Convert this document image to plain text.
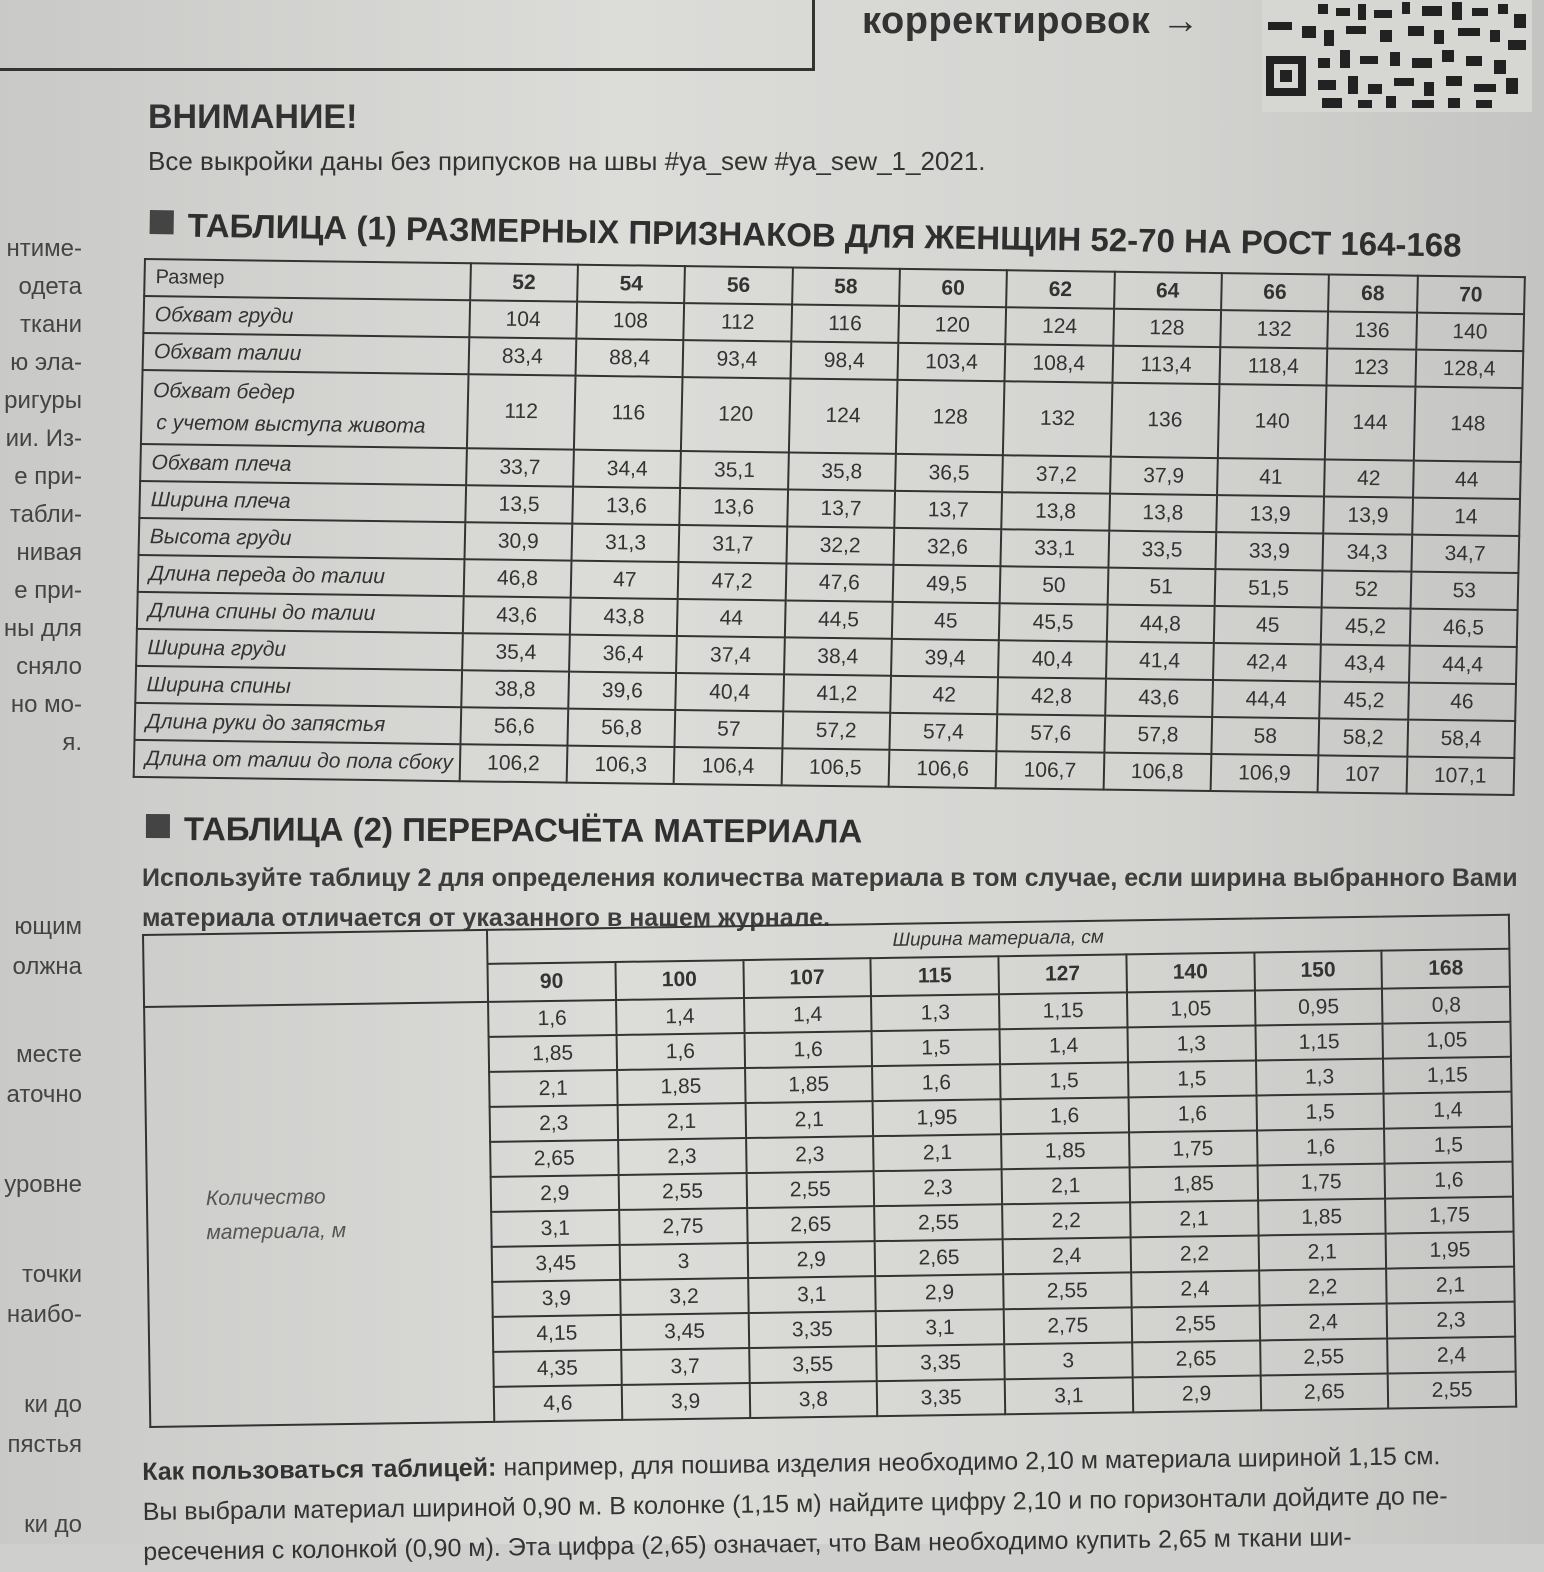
корректировок →
нтиме-
одета
ткани
ю эла-
ригуры
ии. Из-
е при-
табли-
нивая
е при-
ны для
сняло
но мо-
я.
ющим
олжна
месте
аточно
уровне
точки
наибо-
ки до
пястья
ки до
ВНИМАНИЕ!
Все выкройки даны без припусков на швы #ya_sew #ya_sew_1_2021.
ТАБЛИЦА (1) РАЗМЕРНЫХ ПРИЗНАКОВ ДЛЯ ЖЕНЩИН 52-70 НА РОСТ 164-168
Размер	52	54	56	58	60	62	64	66	68	70

Обхват груди	104	108	112	116	120	124	128	132	136	140

Обхват талии	83,4	88,4	93,4	98,4	103,4	108,4	113,4	118,4	123	128,4

Обхват бедер
с учетом выступа живота	112	116	120	124	128	132	136	140	144	148

Обхват плеча	33,7	34,4	35,1	35,8	36,5	37,2	37,9	41	42	44

Ширина плеча	13,5	13,6	13,6	13,7	13,7	13,8	13,8	13,9	13,9	14

Высота груди	30,9	31,3	31,7	32,2	32,6	33,1	33,5	33,9	34,3	34,7

Длина переда до талии	46,8	47	47,2	47,6	49,5	50	51	51,5	52	53

Длина спины до талии	43,6	43,8	44	44,5	45	45,5	44,8	45	45,2	46,5

Ширина груди	35,4	36,4	37,4	38,4	39,4	40,4	41,4	42,4	43,4	44,4

Ширина спины	38,8	39,6	40,4	41,2	42	42,8	43,6	44,4	45,2	46

Длина руки до запястья	56,6	56,8	57	57,2	57,4	57,6	57,8	58	58,2	58,4

Длина от талии до пола сбоку	106,2	106,3	106,4	106,5	106,6	106,7	106,8	106,9	107	107,1
ТАБЛИЦА (2) ПЕРЕРАСЧЁТА МАТЕРИАЛА
Используйте таблицу 2 для определения количества материала в том случае, если ширина выбранного Вами материала отличается от указанного в нашем журнале.
	Ширина материала, см							
	90	100	107	115	127	140	150	168

Количество
материала, м	1,6	1,4	1,4	1,3	1,15	1,05	0,95	0,8
	1,85	1,6	1,6	1,5	1,4	1,3	1,15	1,05
	2,1	1,85	1,85	1,6	1,5	1,5	1,3	1,15
	2,3	2,1	2,1	1,95	1,6	1,6	1,5	1,4
	2,65	2,3	2,3	2,1	1,85	1,75	1,6	1,5
	2,9	2,55	2,55	2,3	2,1	1,85	1,75	1,6
	3,1	2,75	2,65	2,55	2,2	2,1	1,85	1,75
	3,45	3	2,9	2,65	2,4	2,2	2,1	1,95
	3,9	3,2	3,1	2,9	2,55	2,4	2,2	2,1
	4,15	3,45	3,35	3,1	2,75	2,55	2,4	2,3
	4,35	3,7	3,55	3,35	3	2,65	2,55	2,4
	4,6	3,9	3,8	3,35	3,1	2,9	2,65	2,55
Как пользоваться таблицей: например, для пошива изделия необходимо 2,10 м материала шириной 1,15 см.
Вы выбрали материал шириной 0,90 м. В колонке (1,15 м) найдите цифру 2,10 и по горизонтали дойдите до пе-
ресечения с колонкой (0,90 м). Эта цифра (2,65) означает, что Вам необходимо купить 2,65 м ткани ши-
